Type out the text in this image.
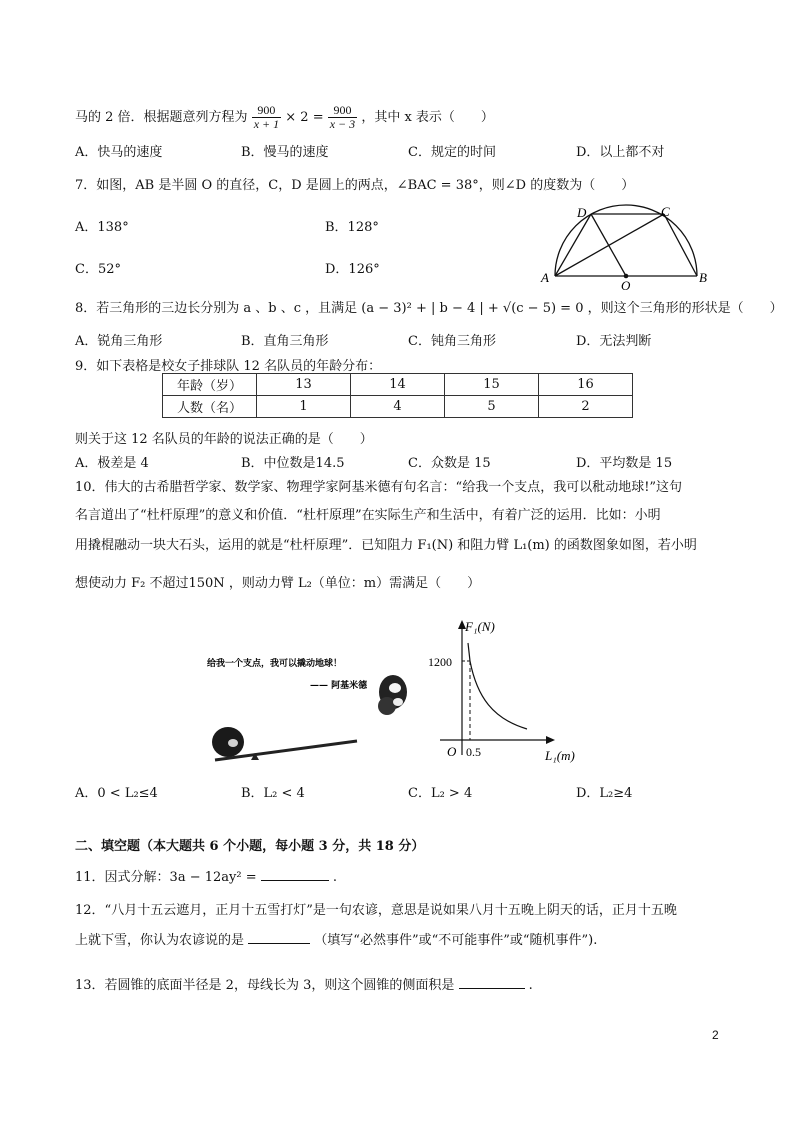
马的 2 倍．根据题意列方程为 $\frac{900}{x + 1} \times 2 = \frac{900}{x - 3}$ ，其中 x 表示（　　）
A．快马的速度	B．慢马的速度	C．规定的时间	D．以上都不对
7．如图，AB 是半圆 O 的直径，C，D 是圆上的两点，∠BAC = 38°，则∠D 的度数为（　　）
A．138°	B．128°
C．52°	D．126°
D	C
A
O
B
8．若三角形的三边长分别为 a 、b 、c ，且满足 (a − 3)² + | b − 4 | + √(c − 5) = 0 ，则这个三角形的形状是（　　）
A．锐角三角形	B．直角三角形	C．钝角三角形	D．无法判断
9．如下表格是校女子排球队 12 名队员的年龄分布：
年龄（岁）	13	14	15	16
人数（名）	1	4	5	2
则关于这 12 名队员的年龄的说法正确的是（　　）
A．极差是 4	B．中位数是14.5	C．众数是 15	D．平均数是 15
10．伟大的古希腊哲学家、数学家、物理学家阿基米德有句名言：“给我一个支点，我可以秕动地球!”这句
名言道出了“杜杆原理”的意义和价值．“杜杆原理”在实际生产和生活中，有着广泛的运用．比如：小明
用撬棍融动一块大石头，运用的就是“杜杆原理”．已知阻力 F₁(N) 和阻力臂 L₁(m) 的函数图象如图，若小明
想使动力 F₂ 不超过150N ，则动力臂 L₂（单位：m）需满足（　　）
给我一个支点，我可以撬动地球！
—— 阿基米德
F₁(N)
L₁(m)
1200
0.5
O
A．0 < L₂≤4	B．L₂ < 4	C．L₂ > 4	D．L₂≥4
二、填空题（本大题共 6 个小题，每小题 3 分，共 18 分）
11．因式分解：3a − 12ay² =	.
12．“八月十五云遮月，正月十五雪打灯”是一句农谚，意思是说如果八月十五晚上阴天的话，正月十五晚
上就下雪，你认为农谚说的是	（填写“必然事件”或“不可能事件”或“随机事件”).
13．若圆锥的底面半径是 2，母线长为 3，则这个圆锥的侧面积是	.
2
